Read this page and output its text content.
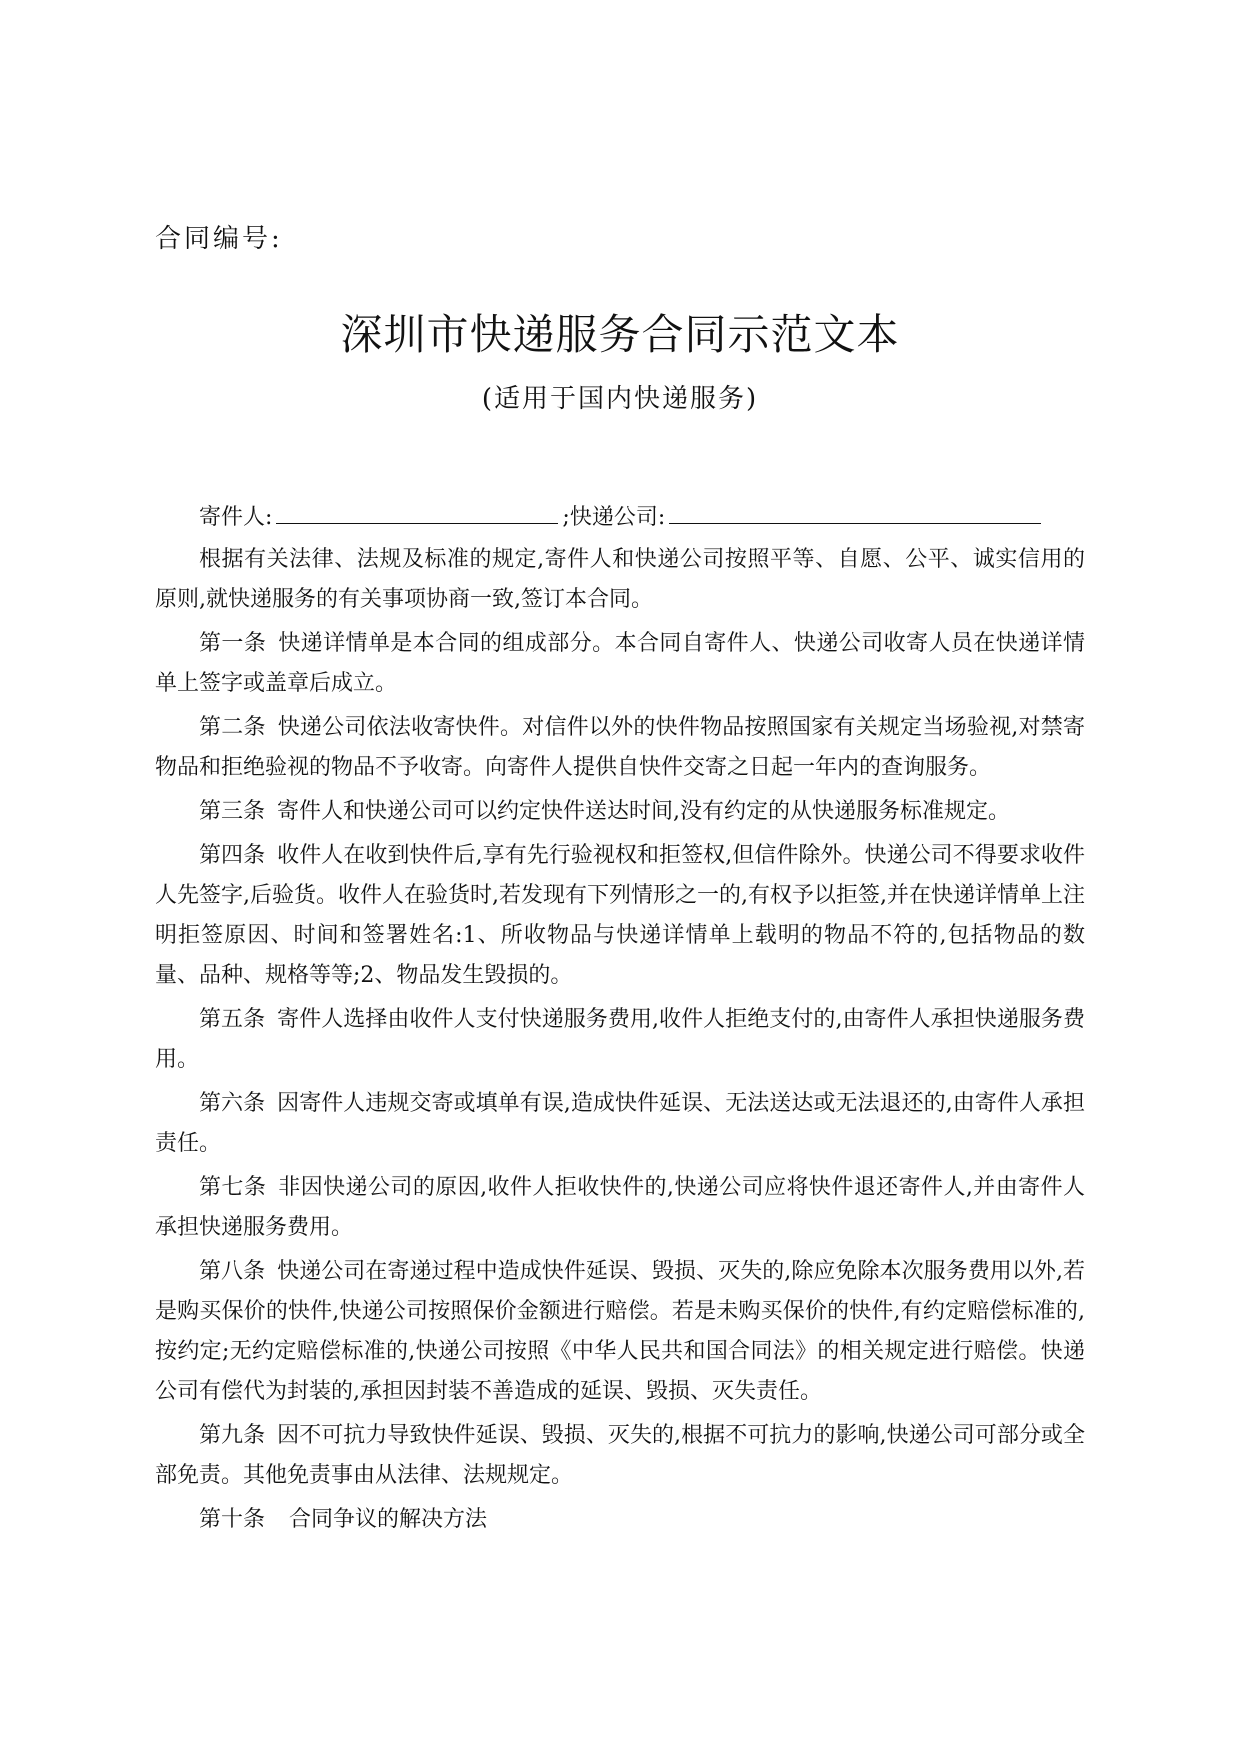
合同编号:
深圳市快递服务合同示范文本
(适用于国内快递服务)
寄件人:	; 快递公司:

根据有关法律、法规及标准的规定,寄件人和快递公司按照平等、自愿、公平、诚实信用的原则,就快递服务的有关事项协商一致,签订本合同。

第一条 快递详情单是本合同的组成部分。本合同自寄件人、快递公司收寄人员在快递详情单上签字或盖章后成立。

第二条 快递公司依法收寄快件。对信件以外的快件物品按照国家有关规定当场验视,对禁寄物品和拒绝验视的物品不予收寄。向寄件人提供自快件交寄之日起一年内的查询服务。

第三条 寄件人和快递公司可以约定快件送达时间,没有约定的从快递服务标准规定。

第四条 收件人在收到快件后,享有先行验视权和拒签权,但信件除外。快递公司不得要求收件人先签字,后验货。收件人在验货时,若发现有下列情形之一的,有权予以拒签,并在快递详情单上注明拒签原因、时间和签署姓名:1、所收物品与快递详情单上载明的物品不符的,包括物品的数量、品种、规格等等;2、物品发生毁损的。

第五条 寄件人选择由收件人支付快递服务费用,收件人拒绝支付的,由寄件人承担快递服务费用。

第六条 因寄件人违规交寄或填单有误,造成快件延误、无法送达或无法退还的,由寄件人承担责任。

第七条 非因快递公司的原因,收件人拒收快件的,快递公司应将快件退还寄件人,并由寄件人承担快递服务费用。

第八条 快递公司在寄递过程中造成快件延误、毁损、灭失的,除应免除本次服务费用以外,若是购买保价的快件,快递公司按照保价金额进行赔偿。若是未购买保价的快件,有约定赔偿标准的,按约定;无约定赔偿标准的,快递公司按照《中华人民共和国合同法》的相关规定进行赔偿。快递公司有偿代为封装的,承担因封装不善造成的延误、毁损、灭失责任。

第九条 因不可抗力导致快件延误、毁损、灭失的,根据不可抗力的影响,快递公司可部分或全部免责。其他免责事由从法律、法规规定。

第十条 合同争议的解决方法
